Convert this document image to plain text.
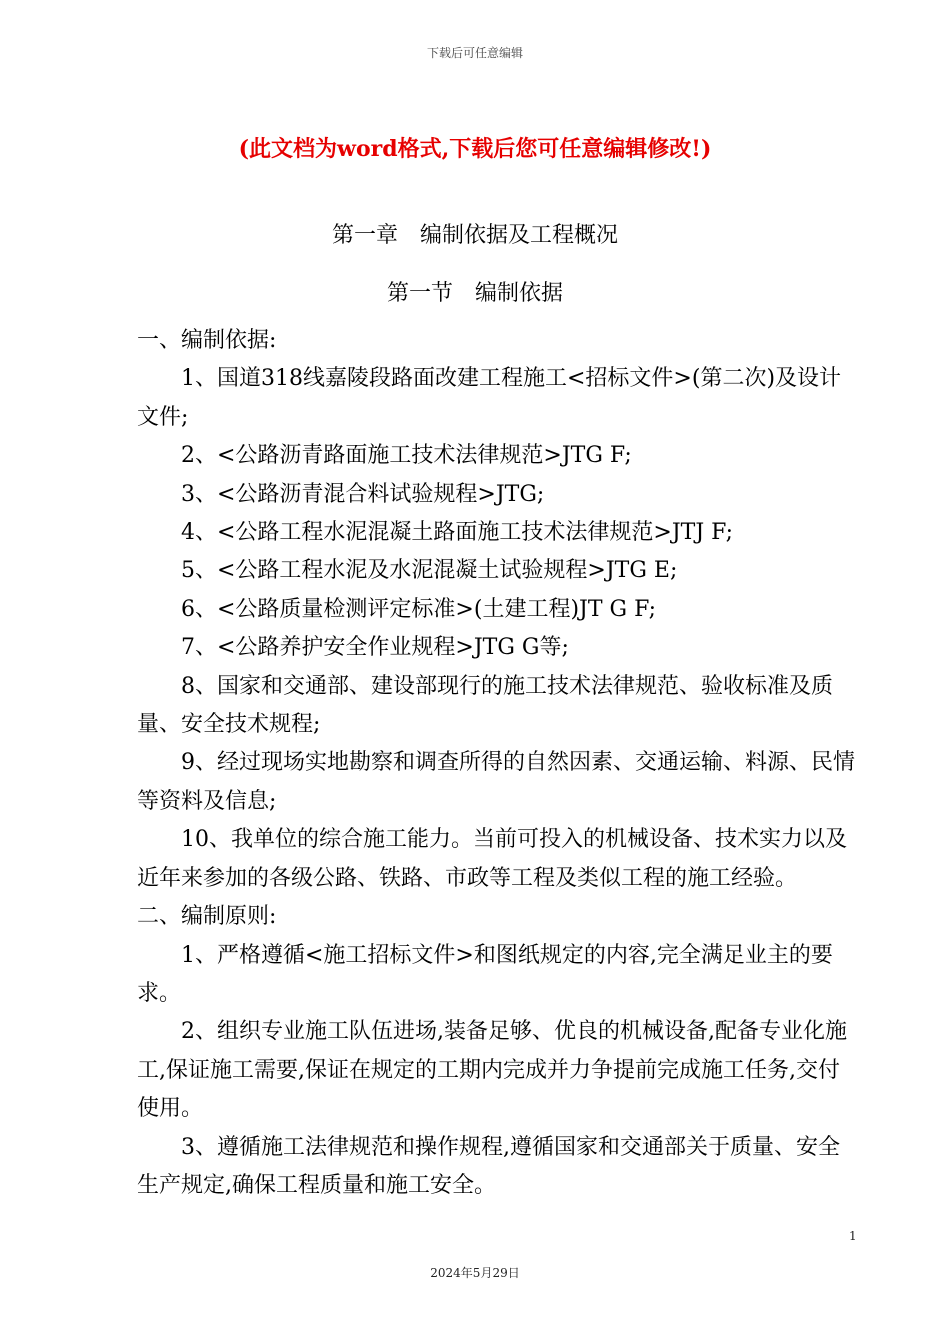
下载后可任意编辑
(此文档为word格式,下载后您可任意编辑修改!)
第一章　编制依据及工程概况
第一节　编制依据

一、编制依据:

1、国道318线嘉陵段路面改建工程施工<招标文件>(第二次)及设计文件;

2、<公路沥青路面施工技术法律规范>JTG F;

3、<公路沥青混合料试验规程>JTG;

4、<公路工程水泥混凝土路面施工技术法律规范>JTJ F;

5、<公路工程水泥及水泥混凝土试验规程>JTG E;

6、<公路质量检测评定标准>(土建工程)JT G F;

7、<公路养护安全作业规程>JTG G等;

8、国家和交通部、建设部现行的施工技术法律规范、验收标准及质量、安全技术规程;

9、经过现场实地勘察和调查所得的自然因素、交通运输、料源、民情等资料及信息;

10、我单位的综合施工能力。当前可投入的机械设备、技术实力以及近年来参加的各级公路、铁路、市政等工程及类似工程的施工经验。

二、编制原则:

1、严格遵循<施工招标文件>和图纸规定的内容,完全满足业主的要求。

2、组织专业施工队伍进场,装备足够、优良的机械设备,配备专业化施工,保证施工需要,保证在规定的工期内完成并力争提前完成施工任务,交付使用。

3、遵循施工法律规范和操作规程,遵循国家和交通部关于质量、安全生产规定,确保工程质量和施工安全。

1
2024年5月29日
